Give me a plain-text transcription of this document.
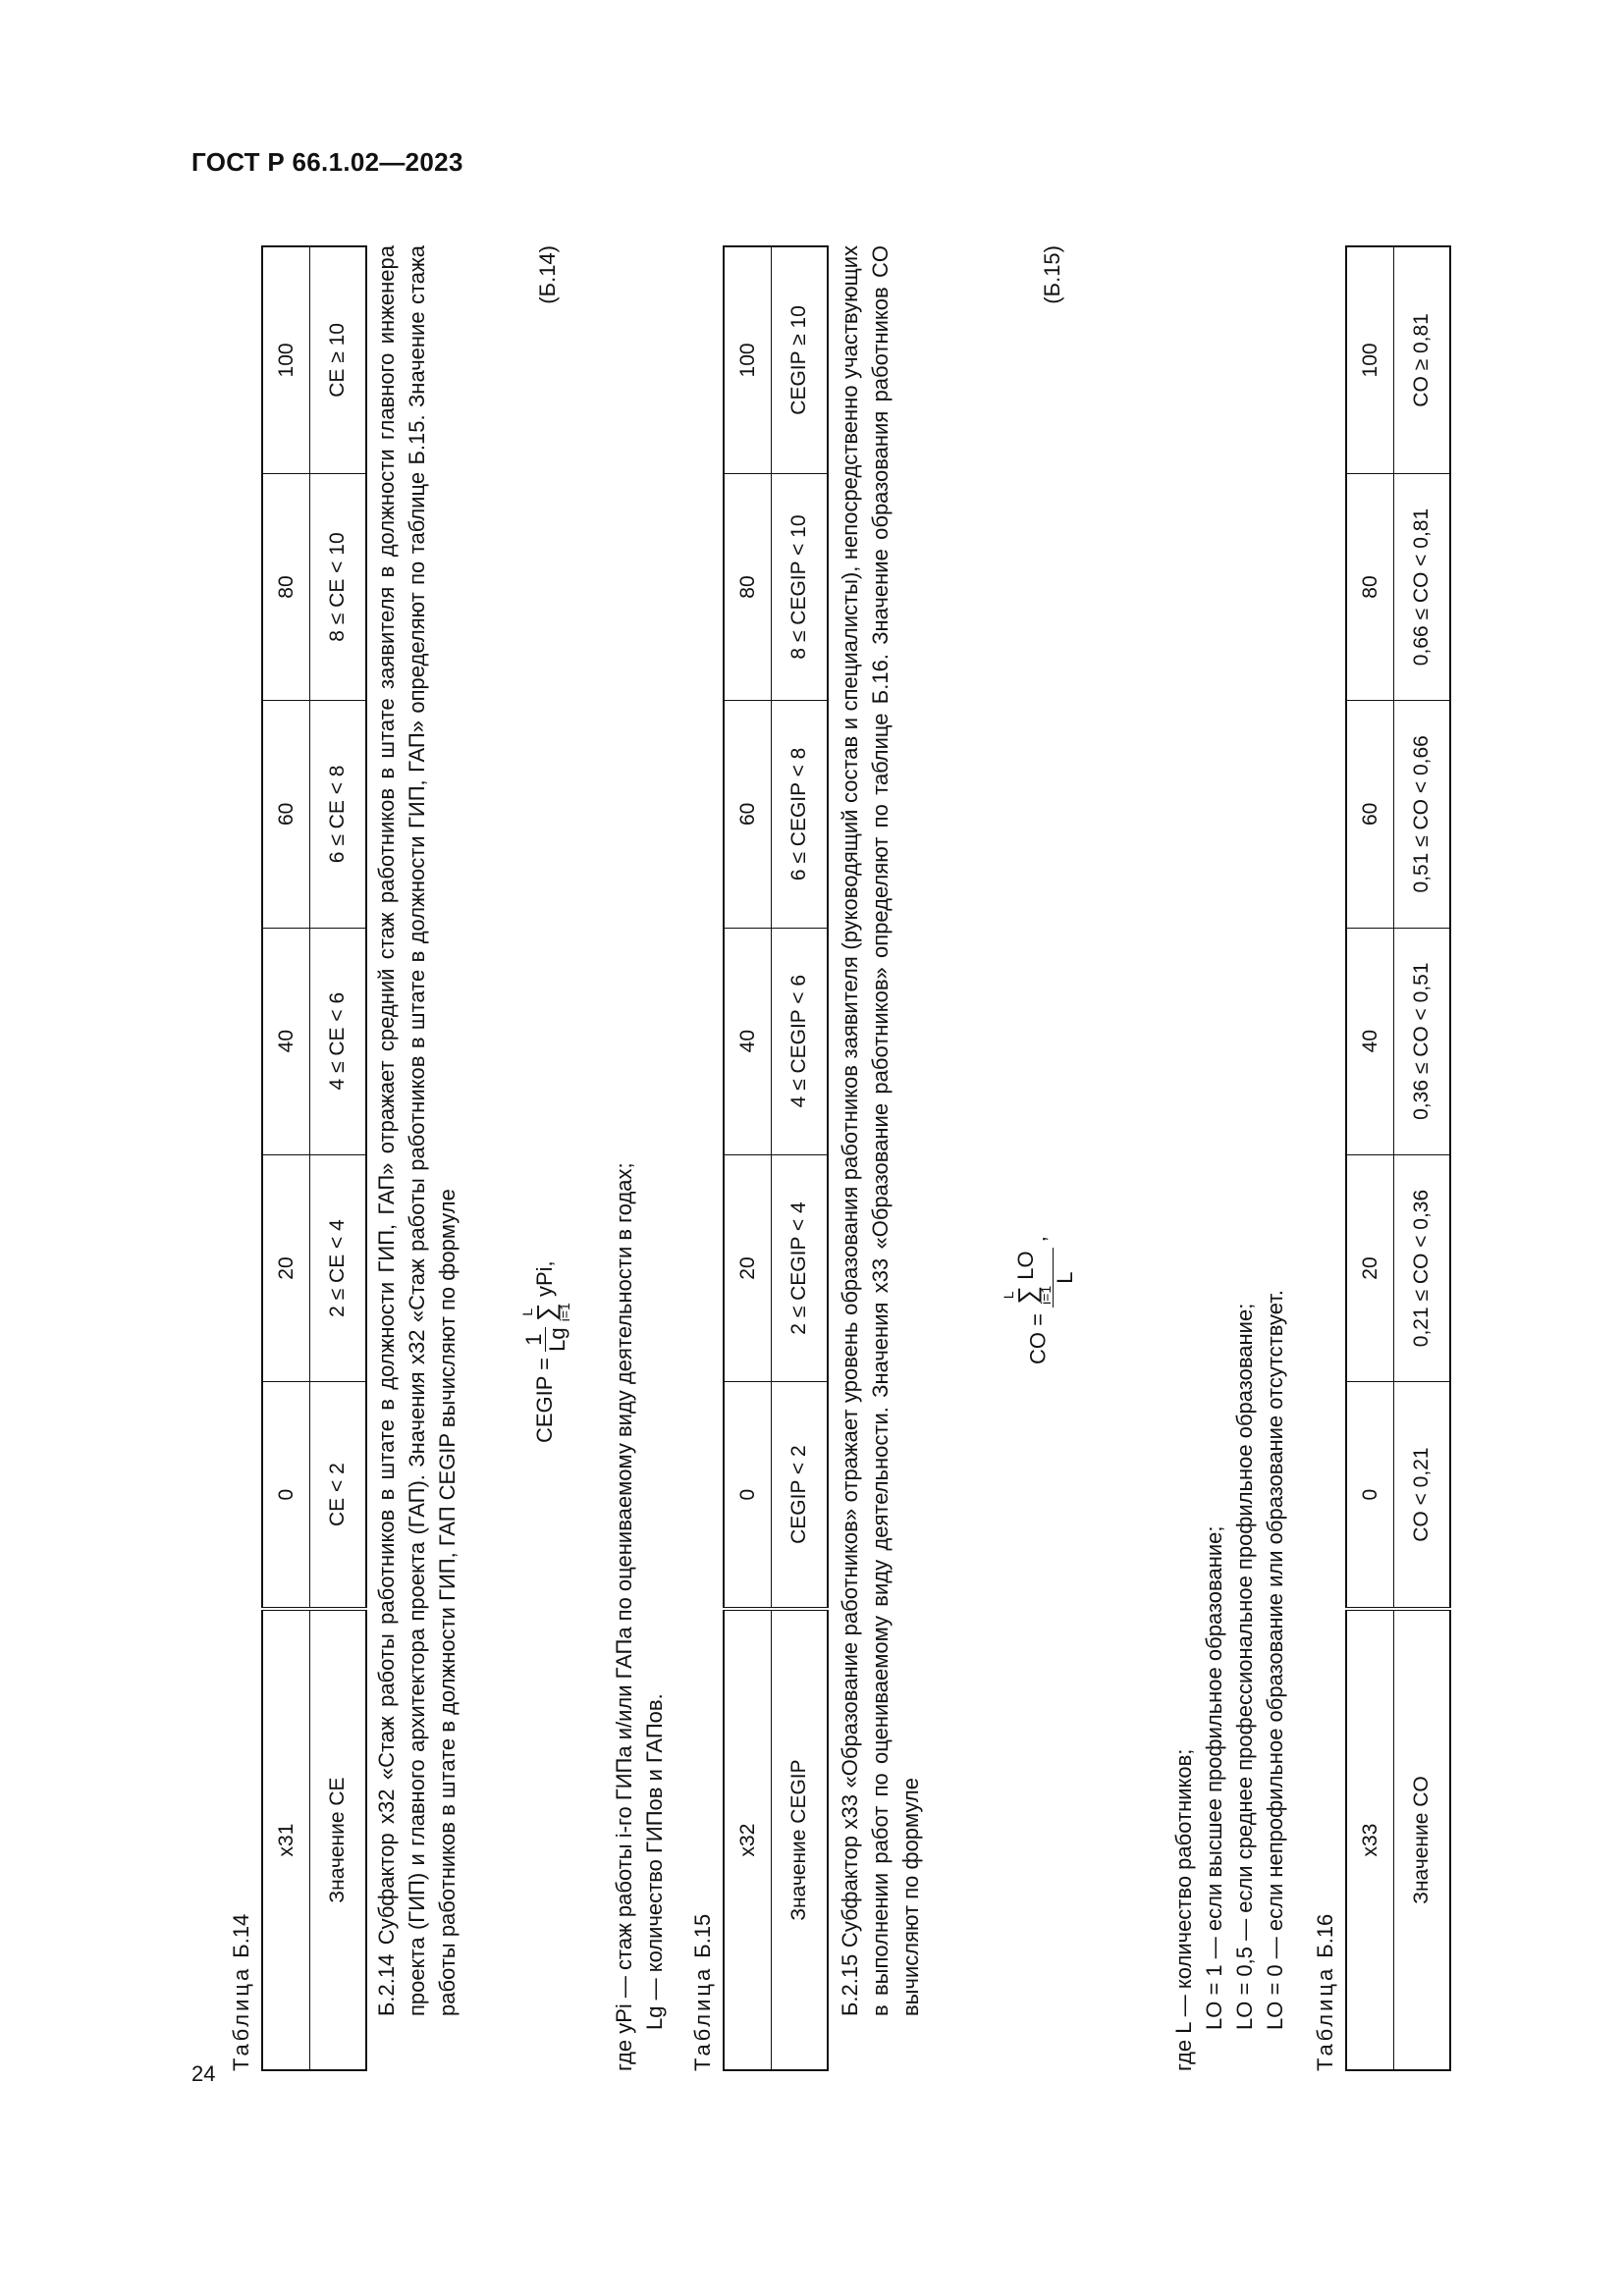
ГОСТ Р 66.1.02—2023
24
ТаблицаБ.14
x31	0	20	40	60	80	100
Значение CE	CE < 2	2 ≤ CE < 4	4 ≤ CE < 6	6 ≤ CE < 8	8 ≤ CE < 10	CE ≥ 10 Б.2.14 Субфактор x32 «Стаж работы работников в штате в должности ГИП, ГАП» отражает средний стаж работников в штате заявителя в должности главного инженера проекта (ГИП) и главного архитектора проекта (ГАП). Значения x32 «Стаж работы работников в штате в должности ГИП, ГАП» определяют по таблице Б.15. Значение стажа работы работников в штате в должности ГИП, ГАП CEGIP вычисляют по формуле	CEGIP =
1 Lg
L
∑
i=1 yPi,
(Б.14)
где yPi — стаж работы i-го ГИПа и/или ГАПа по оцениваемому виду деятельности в годах; Lg — количество ГИПов и ГАПов. ТаблицаБ.15
x32	0	20	40	60	80	100
Значение CEGIP	CEGIP < 2	2 ≤ CEGIP < 4	4 ≤ CEGIP < 6	6 ≤ CEGIP < 8	8 ≤ CEGIP < 10	CEGIP ≥ 10 Б.2.15 Субфактор x33 «Образование работников» отражает уровень образования работников заявителя (руководящий состав и специалисты), непосредственно участвующих в выполнении работ по оцениваемому виду деятельности. Значения x33 «Образование работников» определяют по таблице Б.16. Значение образования работников CO вычисляют по формуле
CO =
L
∑
i=1 LO L
,
(Б.15)
где L — количество работников; LO = 1 — если высшее профильное образование; LO = 0,5 — если среднее профессиональное профильное образование; LO = 0 — если непрофильное образование или образование отсутствует. ТаблицаБ.16
x33	0	20	40	60	80	100
Значение CO	CO < 0,21	0,21 ≤ CO < 0,36	0,36 ≤ CO < 0,51	0,51 ≤ CO < 0,66	0,66 ≤ CO < 0,81	CO ≥ 0,81
